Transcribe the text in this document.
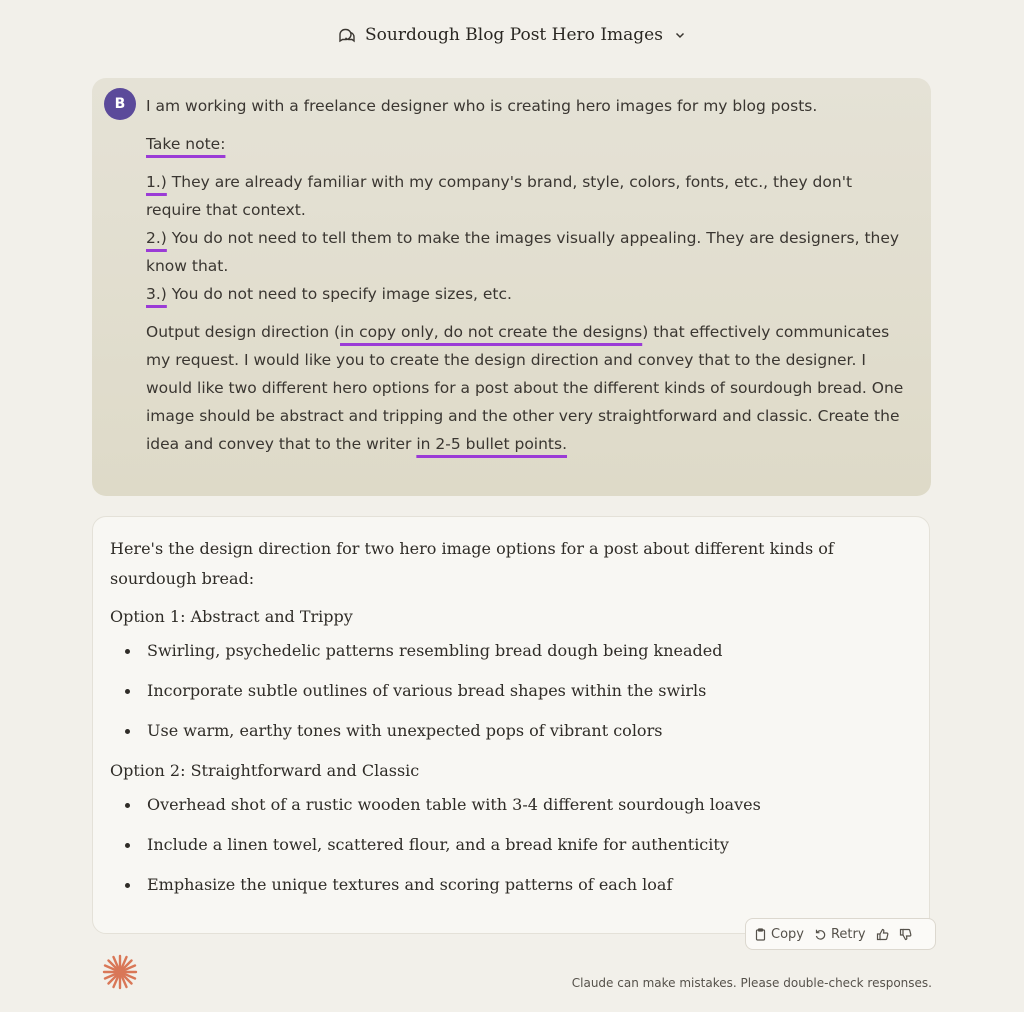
Sourdough Blog Post Hero Images
B	I am working with a freelance designer who is creating hero images for my blog posts.

Take note:

1.) They are already familiar with my company's brand, style, colors, fonts, etc., they don't require that context.

2.) You do not need to tell them to make the images visually appealing. They are designers, they know that.

3.) You do not need to specify image sizes, etc.

Output design direction (in copy only, do not create the designs) that effectively communicates my request. I would like you to create the design direction and convey that to the designer. I would like two different hero options for a post about the different kinds of sourdough bread. One image should be abstract and tripping and the other very straightforward and classic. Create the idea and convey that to the writer in 2-5 bullet points.

Here's the design direction for two hero image options for a post about different kinds of sourdough bread:

Option 1: Abstract and Trippy

Swirling, psychedelic patterns resembling bread dough being kneaded
Incorporate subtle outlines of various bread shapes within the swirls
Use warm, earthy tones with unexpected pops of vibrant colors

Option 2: Straightforward and Classic

Overhead shot of a rustic wooden table with 3-4 different sourdough loaves
Include a linen towel, scattered flour, and a bread knife for authenticity
Emphasize the unique textures and scoring patterns of each loaf
Copy Retry
Claude can make mistakes. Please double-check responses.
